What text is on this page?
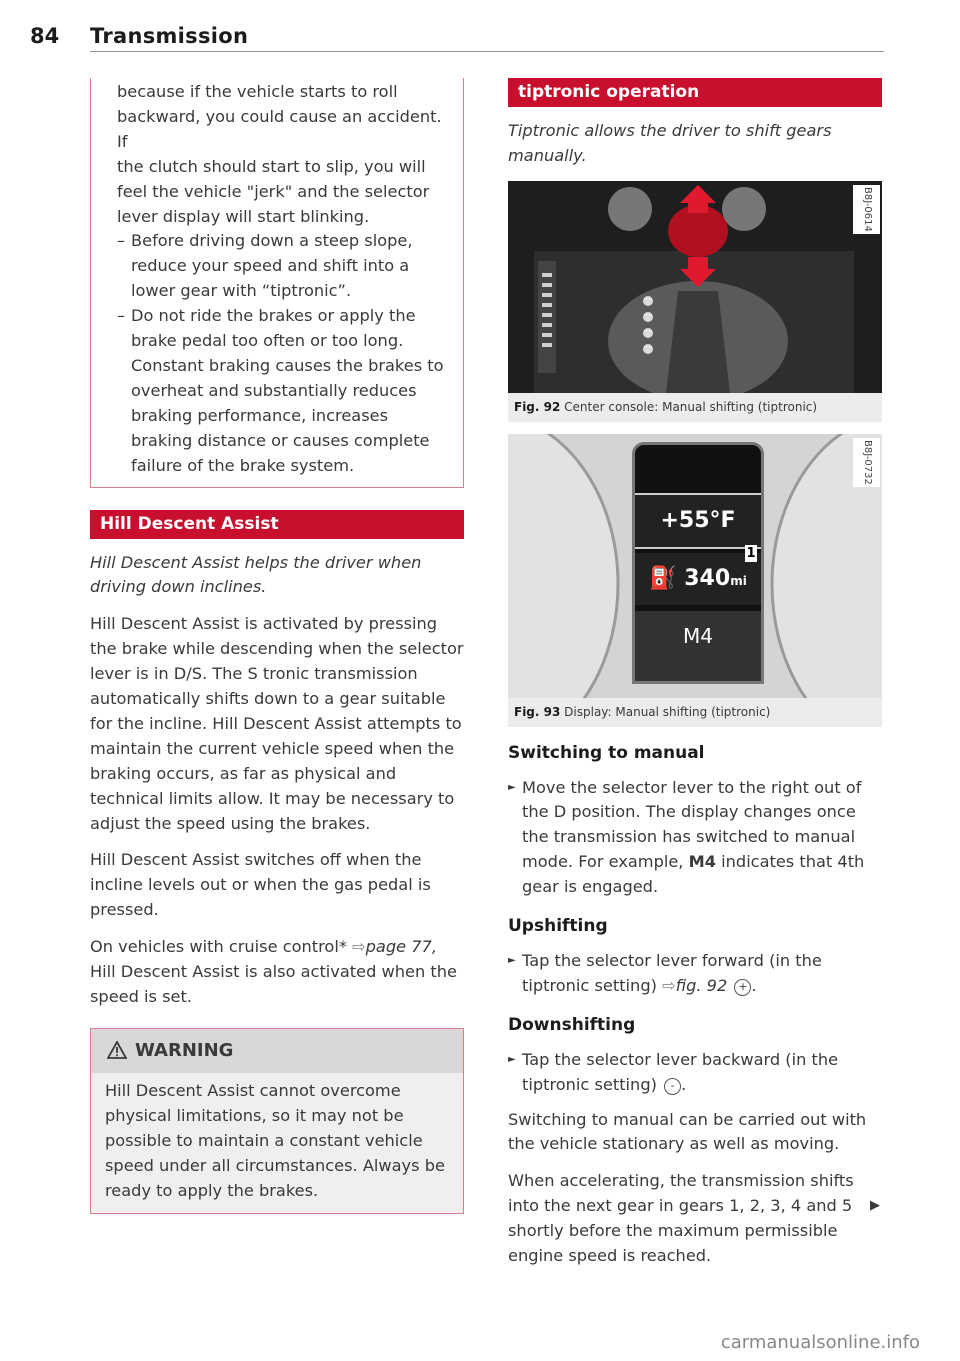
84 Transmission
because if the vehicle starts to roll
backward, you could cause an accident. If
the clutch should start to slip, you will
feel the vehicle "jerk" and the selector
lever display will start blinking.
– Before driving down a steep slope, reduce your speed and shift into a lower gear with “tiptronic”.
– Do not ride the brakes or apply the brake pedal too often or too long. Constant braking causes the brakes to overheat and substantially reduces braking performance, increases braking distance or causes complete failure of the brake system.
Hill Descent Assist

Hill Descent Assist helps the driver when driving down inclines.

Hill Descent Assist is activated by pressing the brake while descending when the selector lever is in D/S. The S tronic transmission automatically shifts down to a gear suitable for the incline. Hill Descent Assist attempts to maintain the current vehicle speed when the braking occurs, as far as physical and technical limits allow. It may be necessary to adjust the speed using the brakes.

Hill Descent Assist switches off when the incline levels out or when the gas pedal is pressed.

On vehicles with cruise control* ⇨page 77, Hill Descent Assist is also activated when the speed is set.

WARNING

Hill Descent Assist cannot overcome physical limitations, so it may not be possible to maintain a constant vehicle speed under all circumstances. Always be ready to apply the brakes.

tiptronic operation

Tiptronic allows the driver to shift gears manually.

B8J-0614
Fig. 92 Center console: Manual shifting (tiptronic)
+55°F
⛽ 340mi
1
M4
B8J-0732
Fig. 93 Display: Manual shifting (tiptronic)
Switching to manual
► Move the selector lever to the right out of the D position. The display changes once the transmission has switched to manual mode. For example, M4 indicates that 4th gear is engaged.
Upshifting
► Tap the selector lever forward (in the tiptronic setting) ⇨fig. 92 + .
Downshifting
► Tap the selector lever backward (in the tiptronic setting) - .

Switching to manual can be carried out with the vehicle stationary as well as moving.

When accelerating, the transmission shifts into the next gear in gears 1, 2, 3, 4 and 5 shortly before the maximum permissible engine speed is reached.

▶
carmanualsonline.info
